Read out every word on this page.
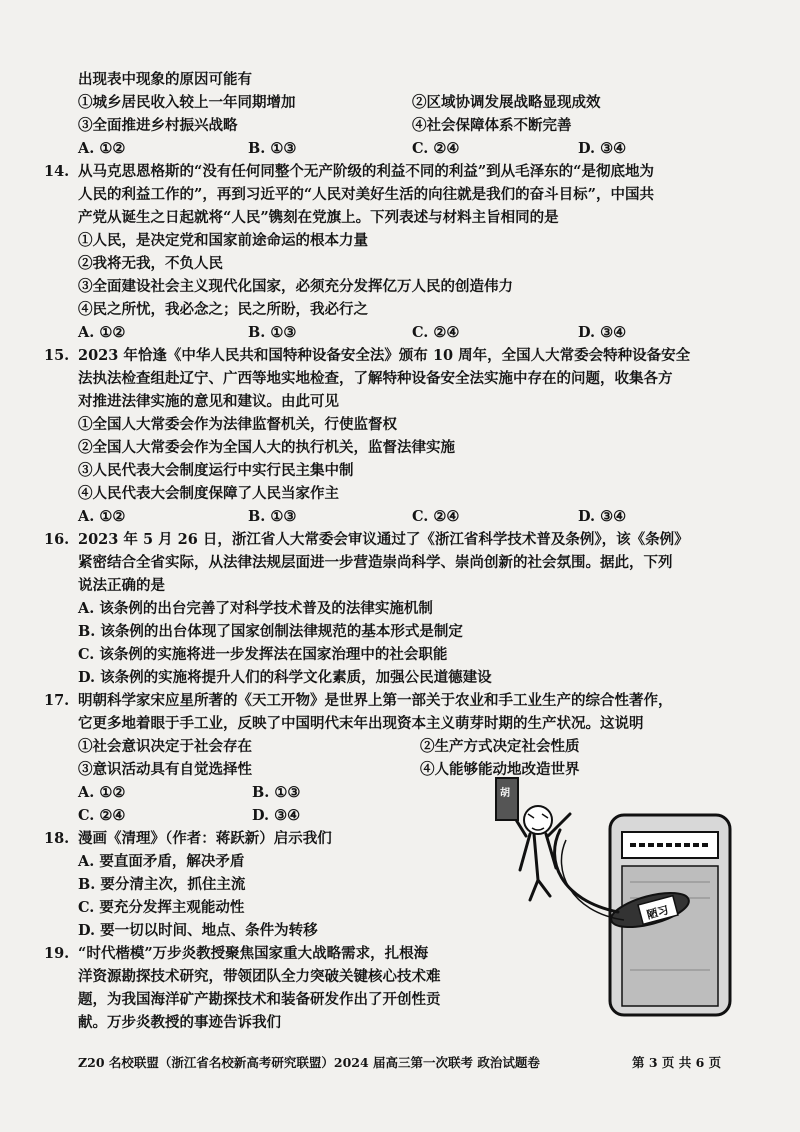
出现表中现象的原因可能有
①城乡居民收入较上一年同期增加	②区域协调发展战略显现成效
③全面推进乡村振兴战略	④社会保障体系不断完善
A. ①②	B. ①③	C. ②④	D. ③④
14. 从马克思恩格斯的“没有任何同整个无产阶级的利益不同的利益”到从毛泽东的“是彻底地为
人民的利益工作的”，再到习近平的“人民对美好生活的向往就是我们的奋斗目标”，中国共
产党从诞生之日起就将“人民”镌刻在党旗上。下列表述与材料主旨相同的是
①人民，是决定党和国家前途命运的根本力量
②我将无我，不负人民
③全面建设社会主义现代化国家，必须充分发挥亿万人民的创造伟力
④民之所忧，我必念之；民之所盼，我必行之
A. ①②	B. ①③	C. ②④	D. ③④
15. 2023 年恰逢《中华人民共和国特种设备安全法》颁布 10 周年，全国人大常委会特种设备安全
法执法检查组赴辽宁、广西等地实地检查，了解特种设备安全法实施中存在的问题，收集各方
对推进法律实施的意见和建议。由此可见
①全国人大常委会作为法律监督机关，行使监督权
②全国人大常委会作为全国人大的执行机关，监督法律实施
③人民代表大会制度运行中实行民主集中制
④人民代表大会制度保障了人民当家作主
A. ①②	B. ①③	C. ②④	D. ③④
16. 2023 年 5 月 26 日，浙江省人大常委会审议通过了《浙江省科学技术普及条例》，该《条例》
紧密结合全省实际，从法律法规层面进一步营造崇尚科学、崇尚创新的社会氛围。据此，下列
说法正确的是
A. 该条例的出台完善了对科学技术普及的法律实施机制
B. 该条例的出台体现了国家创制法律规范的基本形式是制定
C. 该条例的实施将进一步发挥法在国家治理中的社会职能
D. 该条例的实施将提升人们的科学文化素质，加强公民道德建设
17. 明朝科学家宋应星所著的《天工开物》是世界上第一部关于农业和手工业生产的综合性著作，
它更多地着眼于手工业，反映了中国明代末年出现资本主义萌芽时期的生产状况。这说明
①社会意识决定于社会存在	②生产方式决定社会性质
③意识活动具有自觉选择性	④人能够能动地改造世界
A. ①②	B. ①③
C. ②④	D. ③④
18. 漫画《清理》（作者：蒋跃新）启示我们
A. 要直面矛盾，解决矛盾
B. 要分清主次，抓住主流
C. 要充分发挥主观能动性
D. 要一切以时间、地点、条件为转移
19. “时代楷模”万步炎教授聚焦国家重大战略需求，扎根海
洋资源勘探技术研究，带领团队全力突破关键核心技术难
题，为我国海洋矿产勘探技术和装备研发作出了开创性贡
献。万步炎教授的事迹告诉我们
陋习
胡
Z20 名校联盟（浙江省名校新高考研究联盟）2024 届高三第一次联考 政治试题卷	第 3 页 共 6 页
